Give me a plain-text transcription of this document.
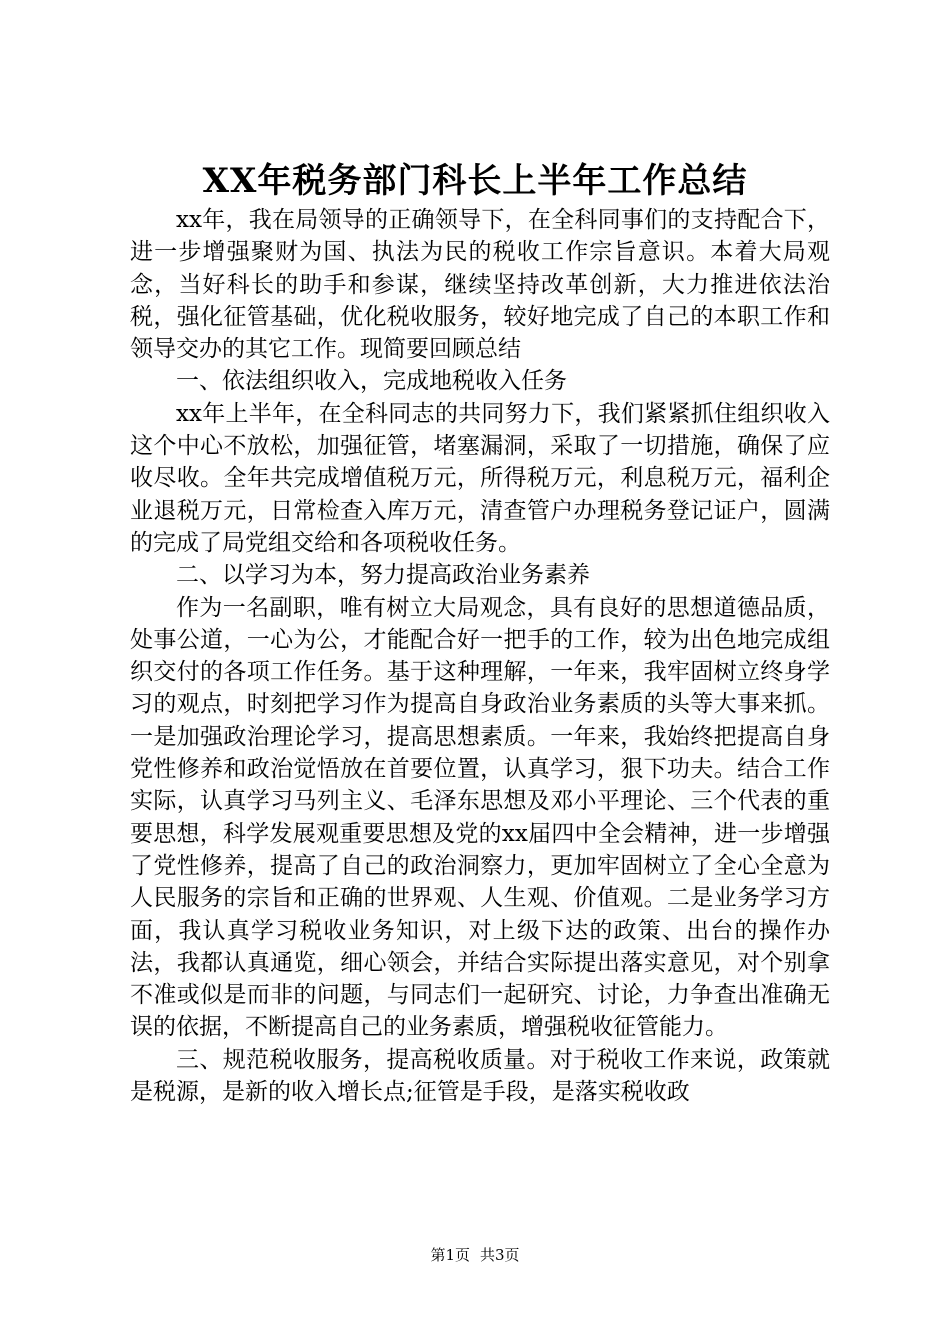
XX年税务部门科长上半年工作总结

xx年，我在局领导的正确领导下，在全科同事们的支持配合下，进一步增强聚财为国、执法为民的税收工作宗旨意识。本着大局观念，当好科长的助手和参谋，继续坚持改革创新，大力推进依法治税，强化征管基础，优化税收服务，较好地完成了自己的本职工作和领导交办的其它工作。现简要回顾总结

一、依法组织收入，完成地税收入任务

xx年上半年，在全科同志的共同努力下，我们紧紧抓住组织收入这个中心不放松，加强征管，堵塞漏洞，采取了一切措施，确保了应收尽收。全年共完成增值税万元，所得税万元，利息税万元，福利企业退税万元，日常检查入库万元，清查管户办理税务登记证户，圆满的完成了局党组交给和各项税收任务。

二、以学习为本，努力提高政治业务素养

作为一名副职，唯有树立大局观念，具有良好的思想道德品质，处事公道，一心为公，才能配合好一把手的工作，较为出色地完成组织交付的各项工作任务。基于这种理解，一年来，我牢固树立终身学习的观点，时刻把学习作为提高自身政治业务素质的头等大事来抓。一是加强政治理论学习，提高思想素质。一年来，我始终把提高自身党性修养和政治觉悟放在首要位置，认真学习，狠下功夫。结合工作实际，认真学习马列主义、毛泽东思想及邓小平理论、三个代表的重要思想，科学发展观重要思想及党的xx届四中全会精神，进一步增强了党性修养，提高了自己的政治洞察力，更加牢固树立了全心全意为人民服务的宗旨和正确的世界观、人生观、价值观。二是业务学习方面，我认真学习税收业务知识，对上级下达的政策、出台的操作办法，我都认真通览，细心领会，并结合实际提出落实意见，对个别拿不准或似是而非的问题，与同志们一起研究、讨论，力争查出准确无误的依据，不断提高自己的业务素质，增强税收征管能力。

三、规范税收服务，提高税收质量。对于税收工作来说，政策就是税源，是新的收入增长点;征管是手段，是落实税收政

第1页 共3页
